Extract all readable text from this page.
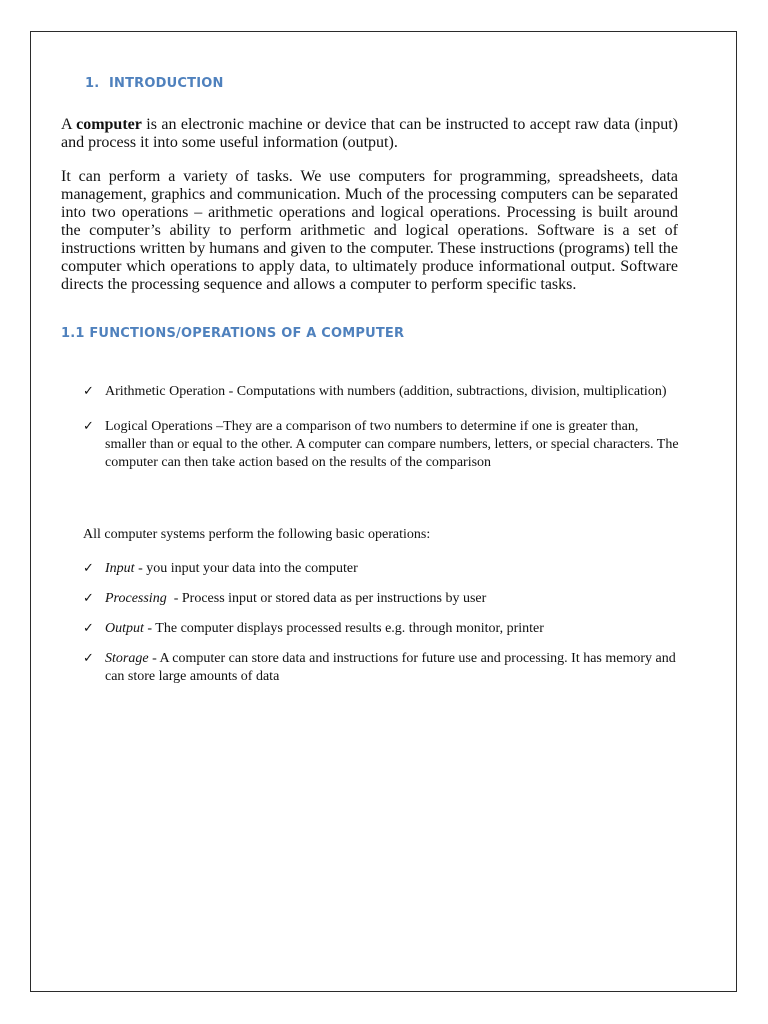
1. INTRODUCTION

A computer is an electronic machine or device that can be instructed to accept raw data (input) and process it into some useful information (output).

It can perform a variety of tasks. We use computers for programming, spreadsheets, data management, graphics and communication. Much of the processing computers can be separated into two operations – arithmetic operations and logical operations. Processing is built around the computer’s ability to perform arithmetic and logical operations. Software is a set of instructions written by humans and given to the computer. These instructions (programs) tell the computer which operations to apply data, to ultimately produce informational output. Software directs the processing sequence and allows a computer to perform specific tasks.

1.1 FUNCTIONS/OPERATIONS OF A COMPUTER
✓ Arithmetic Operation - Computations with numbers (addition, subtractions, division, multiplication)
✓ Logical Operations –They are a comparison of two numbers to determine if one is greater than, smaller than or equal to the other. A computer can compare numbers, letters, or special characters. The computer can then take action based on the results of the comparison
All computer systems perform the following basic operations:
✓ Input - you input your data into the computer
✓ Processing  - Process input or stored data as per instructions by user
✓ Output - The computer displays processed results e.g. through monitor, printer
✓ Storage - A computer can store data and instructions for future use and processing. It has memory and can store large amounts of data
